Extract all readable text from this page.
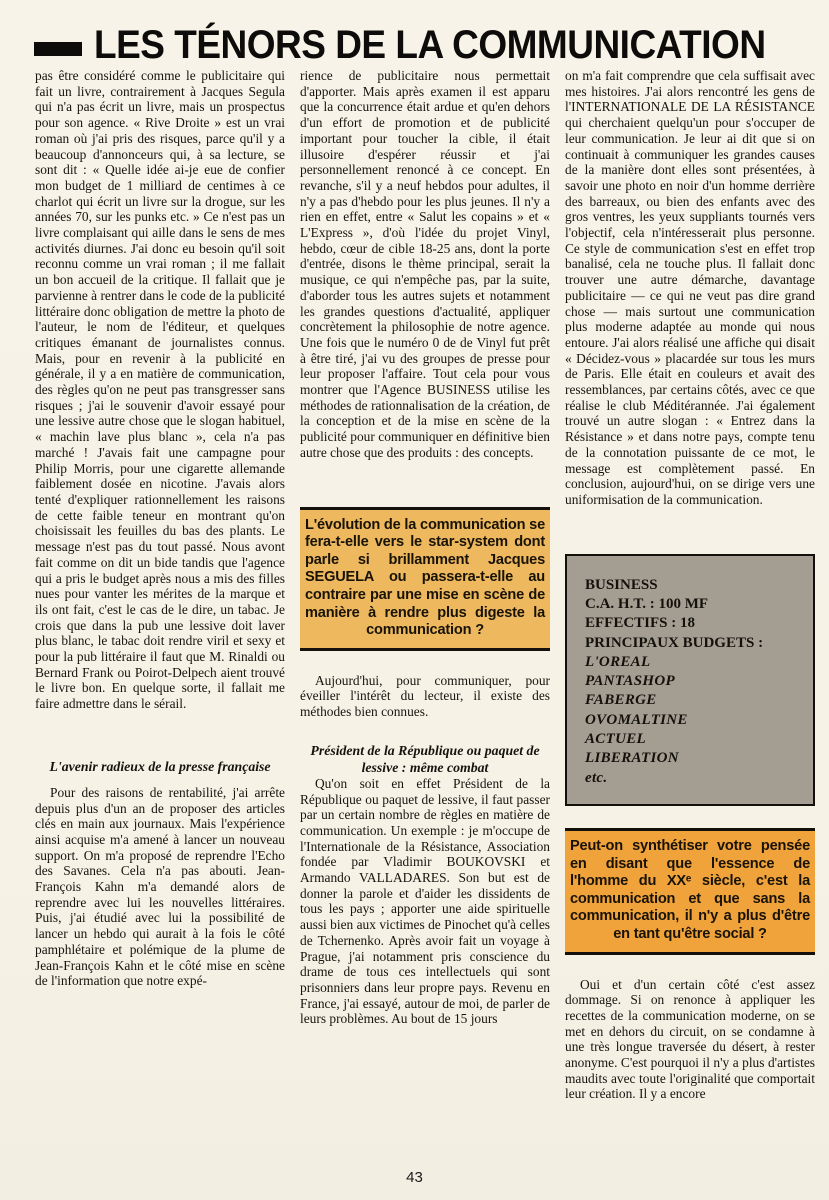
LES TÉNORS DE LA COMMUNICATION

pas être considéré comme le publicitaire qui fait un livre, contrairement à Jacques Segula qui n'a pas écrit un livre, mais un prospectus pour son agence. « Rive Droite » est un vrai roman où j'ai pris des risques, parce qu'il y a beaucoup d'annonceurs qui, à sa lecture, se sont dit : « Quelle idée ai-je eue de confier mon budget de 1 milliard de centimes à ce charlot qui écrit un livre sur la drogue, sur les années 70, sur les punks etc. » Ce n'est pas un livre complaisant qui aille dans le sens de mes activités diurnes. J'ai donc eu besoin qu'il soit reconnu comme un vrai roman ; il me fallait un bon accueil de la critique. Il fallait que je parvienne à rentrer dans le code de la publicité littéraire donc obligation de mettre la photo de l'auteur, le nom de l'éditeur, et quelques critiques émanant de journalistes connus. Mais, pour en revenir à la publicité en générale, il y a en matière de communication, des règles qu'on ne peut pas transgresser sans risques ; j'ai le souvenir d'avoir essayé pour une lessive autre chose que le slogan habituel, « machin lave plus blanc », cela n'a pas marché ! J'avais fait une campagne pour Philip Morris, pour une cigarette allemande faiblement dosée en nicotine. J'avais alors tenté d'expliquer rationnellement les raisons de cette faible teneur en montrant qu'on choisissait les feuilles du bas des plants. Le message n'est pas du tout passé. Nous avont fait comme on dit un bide tandis que l'agence qui a pris le budget après nous a mis des filles nues pour vanter les mérites de la marque et ils ont fait, c'est le cas de le dire, un tabac. Je crois que dans la pub une lessive doit laver plus blanc, le tabac doit rendre viril et sexy et pour la pub littéraire il faut que M. Rinaldi ou Bernard Frank ou Poirot-Delpech aient trouvé le livre bon. En quelque sorte, il fallait me faire admettre dans le sérail.

L'avenir radieux de la presse française

Pour des raisons de rentabilité, j'ai arrête depuis plus d'un an de proposer des articles clés en main aux journaux. Mais l'expérience ainsi acquise m'a amené à lancer un nouveau support. On m'a proposé de reprendre l'Echo des Savanes. Cela n'a pas abouti. Jean-François Kahn m'a demandé alors de reprendre avec lui les nouvelles littéraires. Puis, j'ai étudié avec lui la possibilité de lancer un hebdo qui aurait à la fois le côté pamphlétaire et polémique de la plume de Jean-François Kahn et le côté mise en scène de l'information que notre expé-

rience de publicitaire nous permettait d'apporter. Mais après examen il est apparu que la concurrence était ardue et qu'en dehors d'un effort de promotion et de publicité important pour toucher la cible, il était illusoire d'espérer réussir et j'ai personnellement renoncé à ce concept. En revanche, s'il y a neuf hebdos pour adultes, il n'y a pas d'hebdo pour les plus jeunes. Il n'y a rien en effet, entre « Salut les copains » et « L'Express », d'où l'idée du projet Vinyl, hebdo, cœur de cible 18-25 ans, dont la porte d'entrée, disons le thème principal, serait la musique, ce qui n'empêche pas, par la suite, d'aborder tous les autres sujets et notamment les grandes questions d'actualité, appliquer concrètement la philosophie de notre agence. Une fois que le numéro 0 de de Vinyl fut prêt à être tiré, j'ai vu des groupes de presse pour leur proposer l'affaire. Tout cela pour vous montrer que l'Agence BUSINESS utilise les méthodes de rationnalisation de la création, de la conception et de la mise en scène de la publicité pour communiquer en définitive bien autre chose que des produits : des concepts.

L'évolution de la communication se fera-t-elle vers le star-system dont parle si brillamment Jacques SEGUELA ou passera-t-elle au contraire par une mise en scène de manière à rendre plus digeste la communication ?

Aujourd'hui, pour communiquer, pour éveiller l'intérêt du lecteur, il existe des méthodes bien connues.

Président de la République ou paquet de lessive : même combat

Qu'on soit en effet Président de la République ou paquet de lessive, il faut passer par un certain nombre de règles en matière de communication. Un exemple : je m'occupe de l'Internationale de la Résistance, Association fondée par Vladimir BOUKOVSKI et Armando VALLADARES. Son but est de donner la parole et d'aider les dissidents de tous les pays ; apporter une aide spirituelle aussi bien aux victimes de Pinochet qu'à celles de Tchernenko. Après avoir fait un voyage à Prague, j'ai notamment pris conscience du drame de tous ces intellectuels qui sont prisonniers dans leur propre pays. Revenu en France, j'ai essayé, autour de moi, de parler de leurs problèmes. Au bout de 15 jours

on m'a fait comprendre que cela suffisait avec mes histoires. J'ai alors rencontré les gens de l'INTERNATIONALE DE LA RÉSISTANCE qui cherchaient quelqu'un pour s'occuper de leur communication. Je leur ai dit que si on continuait à communiquer les grandes causes de la manière dont elles sont présentées, à savoir une photo en noir d'un homme derrière des barreaux, ou bien des enfants avec des gros ventres, les yeux suppliants tournés vers l'objectif, cela n'intéresserait plus personne. Ce style de communication s'est en effet trop banalisé, cela ne touche plus. Il fallait donc trouver une autre démarche, davantage publicitaire — ce qui ne veut pas dire grand chose — mais surtout une communication plus moderne adaptée au monde qui nous entoure. J'ai alors réalisé une affiche qui disait « Décidez-vous » placardée sur tous les murs de Paris. Elle était en couleurs et avait des ressemblances, par certains côtés, avec ce que réalise le club Méditérannée. J'ai également trouvé un autre slogan : « Entrez dans la Résistance » et dans notre pays, compte tenu de la connotation puissante de ce mot, le message est complètement passé. En conclusion, aujourd'hui, on se dirige vers une uniformisation de la communication.

BUSINESS
C.A. H.T. : 100 MF
EFFECTIFS : 18
PRINCIPAUX BUDGETS :
L'OREAL
PANTASHOP
FABERGE
OVOMALTINE
ACTUEL
LIBERATION
etc.

Peut-on synthétiser votre pensée en disant que l'essence de l'homme du XXᵉ siècle, c'est la communication et que sans la communication, il n'y a plus d'être en tant qu'être social ?

Oui et d'un certain côté c'est assez dommage. Si on renonce à appliquer les recettes de la communication moderne, on se met en dehors du circuit, on se condamne à une très longue traversée du désert, à rester anonyme. C'est pourquoi il n'y a plus d'artistes maudits avec toute l'originalité que comportait leur création. Il y a encore

43
